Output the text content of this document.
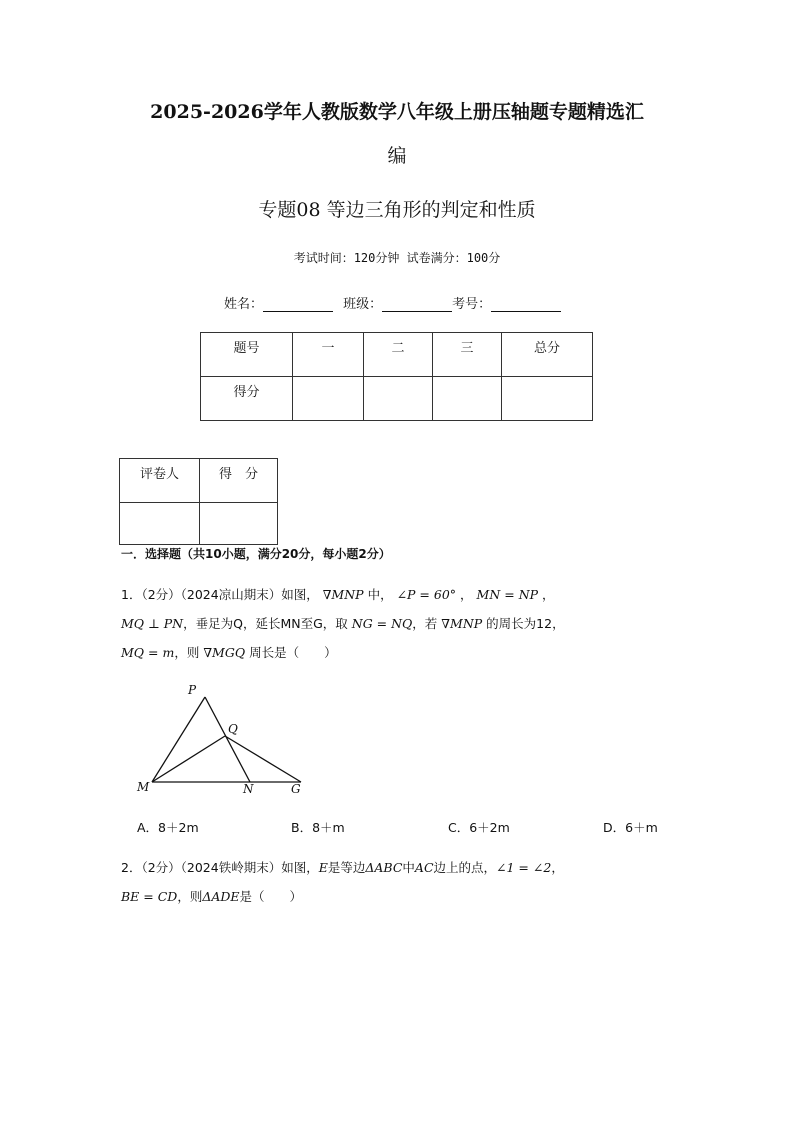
2025-2026学年人教版数学八年级上册压轴题专题精选汇
编
专题08 等边三角形的判定和性质
考试时间：120分钟 试卷满分：100分
姓名：	班级：	考号：
题号	一	二	三	总分
得分				
评卷人	得　分

一．选择题（共10小题，满分20分，每小题2分）
1．（2分）（2024凉山期末）如图， ∇MNP 中， ∠P = 60° ， MN = NP ，
MQ ⊥ PN，垂足为Q，延长MN至G，取 NG = NQ，若 ∇MNP 的周长为12，
MQ = m，则 ∇MGQ 周长是（　　）
P
Q
M	N	G
A．8＋2m	B．8＋m	C．6＋2m	D．6＋m
2．（2分）（2024铁岭期末）如图，E是等边ΔABC中AC边上的点，∠1 = ∠2，
BE = CD，则ΔADE是（　　）
